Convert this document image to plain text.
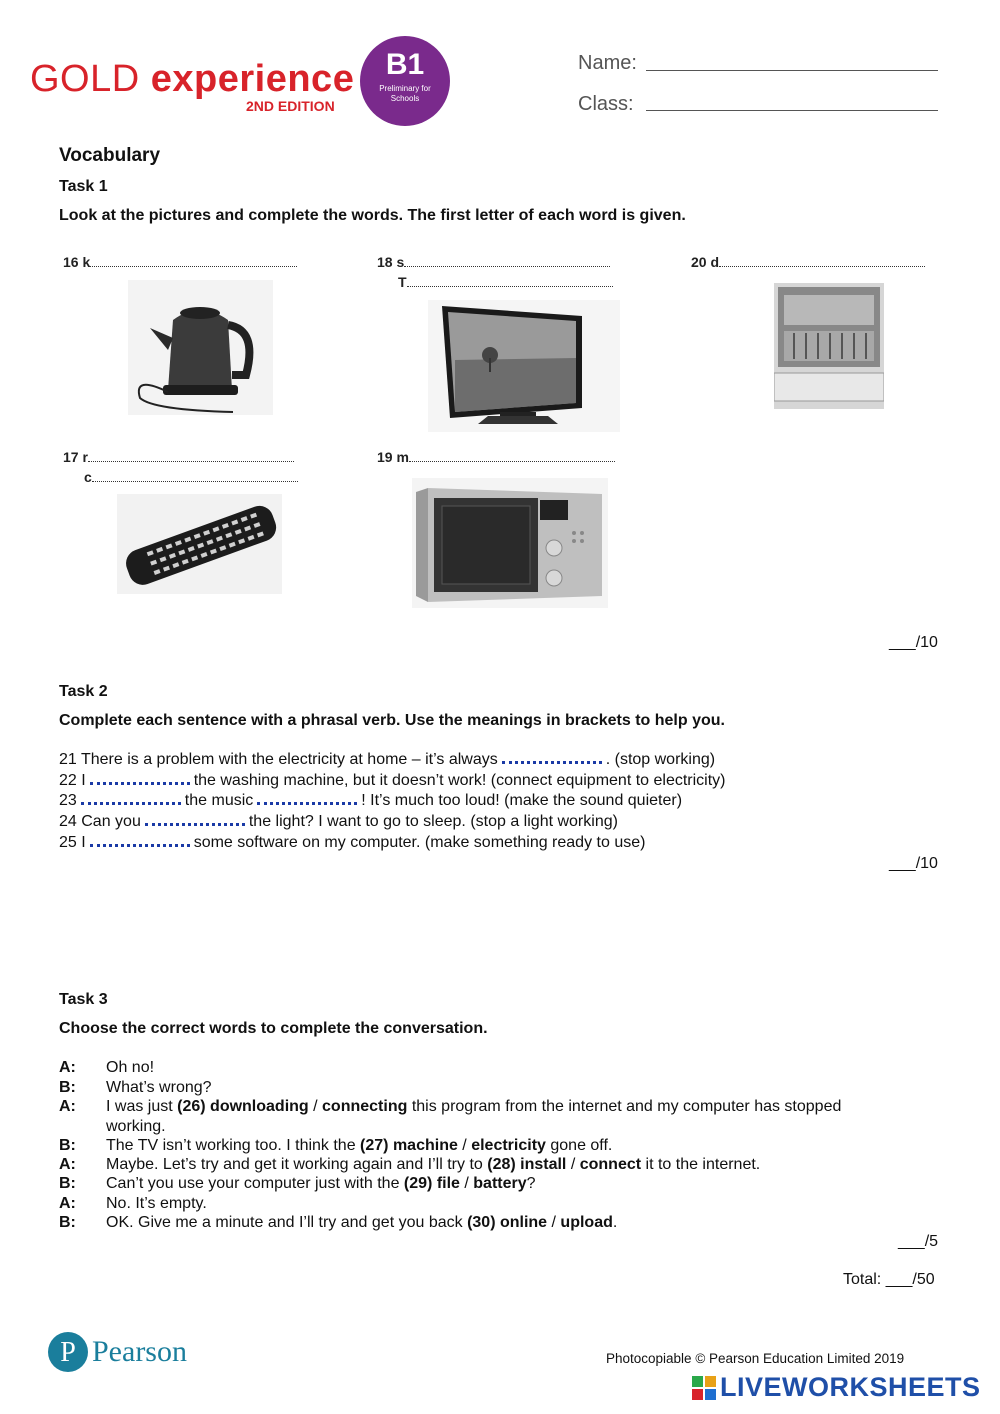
GOLD experience
2ND EDITION
B1
Preliminary for Schools
Name:
Class:
Vocabulary
Task 1
Look at the pictures and complete the words. The first letter of each word is given.
16 k	18 s
T
20 d
17 r
c
19 m
___/10
Task 2
Complete each sentence with a phrasal verb. Use the meanings in brackets to help you.
21 There is a problem with the electricity at home – it’s always	. (stop working)
22 I	the washing machine, but it doesn’t work! (connect equipment to electricity)
23	the music	! It’s much too loud! (make the sound quieter)
24 Can you	the light? I want to go to sleep. (stop a light working)
25 I	some software on my computer. (make something ready to use)
___/10
Task 3
Choose the correct words to complete the conversation.
A: Oh no!
B: What’s wrong?
A: I was just (26) downloading / connecting this program from the internet and my computer has stopped working.
B: The TV isn’t working too. I think the (27) machine / electricity gone off.
A: Maybe. Let’s try and get it working again and I’ll try to (28) install / connect it to the internet.
B: Can’t you use your computer just with the (29) file / battery?
A: No. It’s empty.
B: OK. Give me a minute and I’ll try and get you back (30) online / upload.
___/5
Total: ___/50
P Pearson	Photocopiable © Pearson Education Limited 2019
LIVEWORKSHEETS
